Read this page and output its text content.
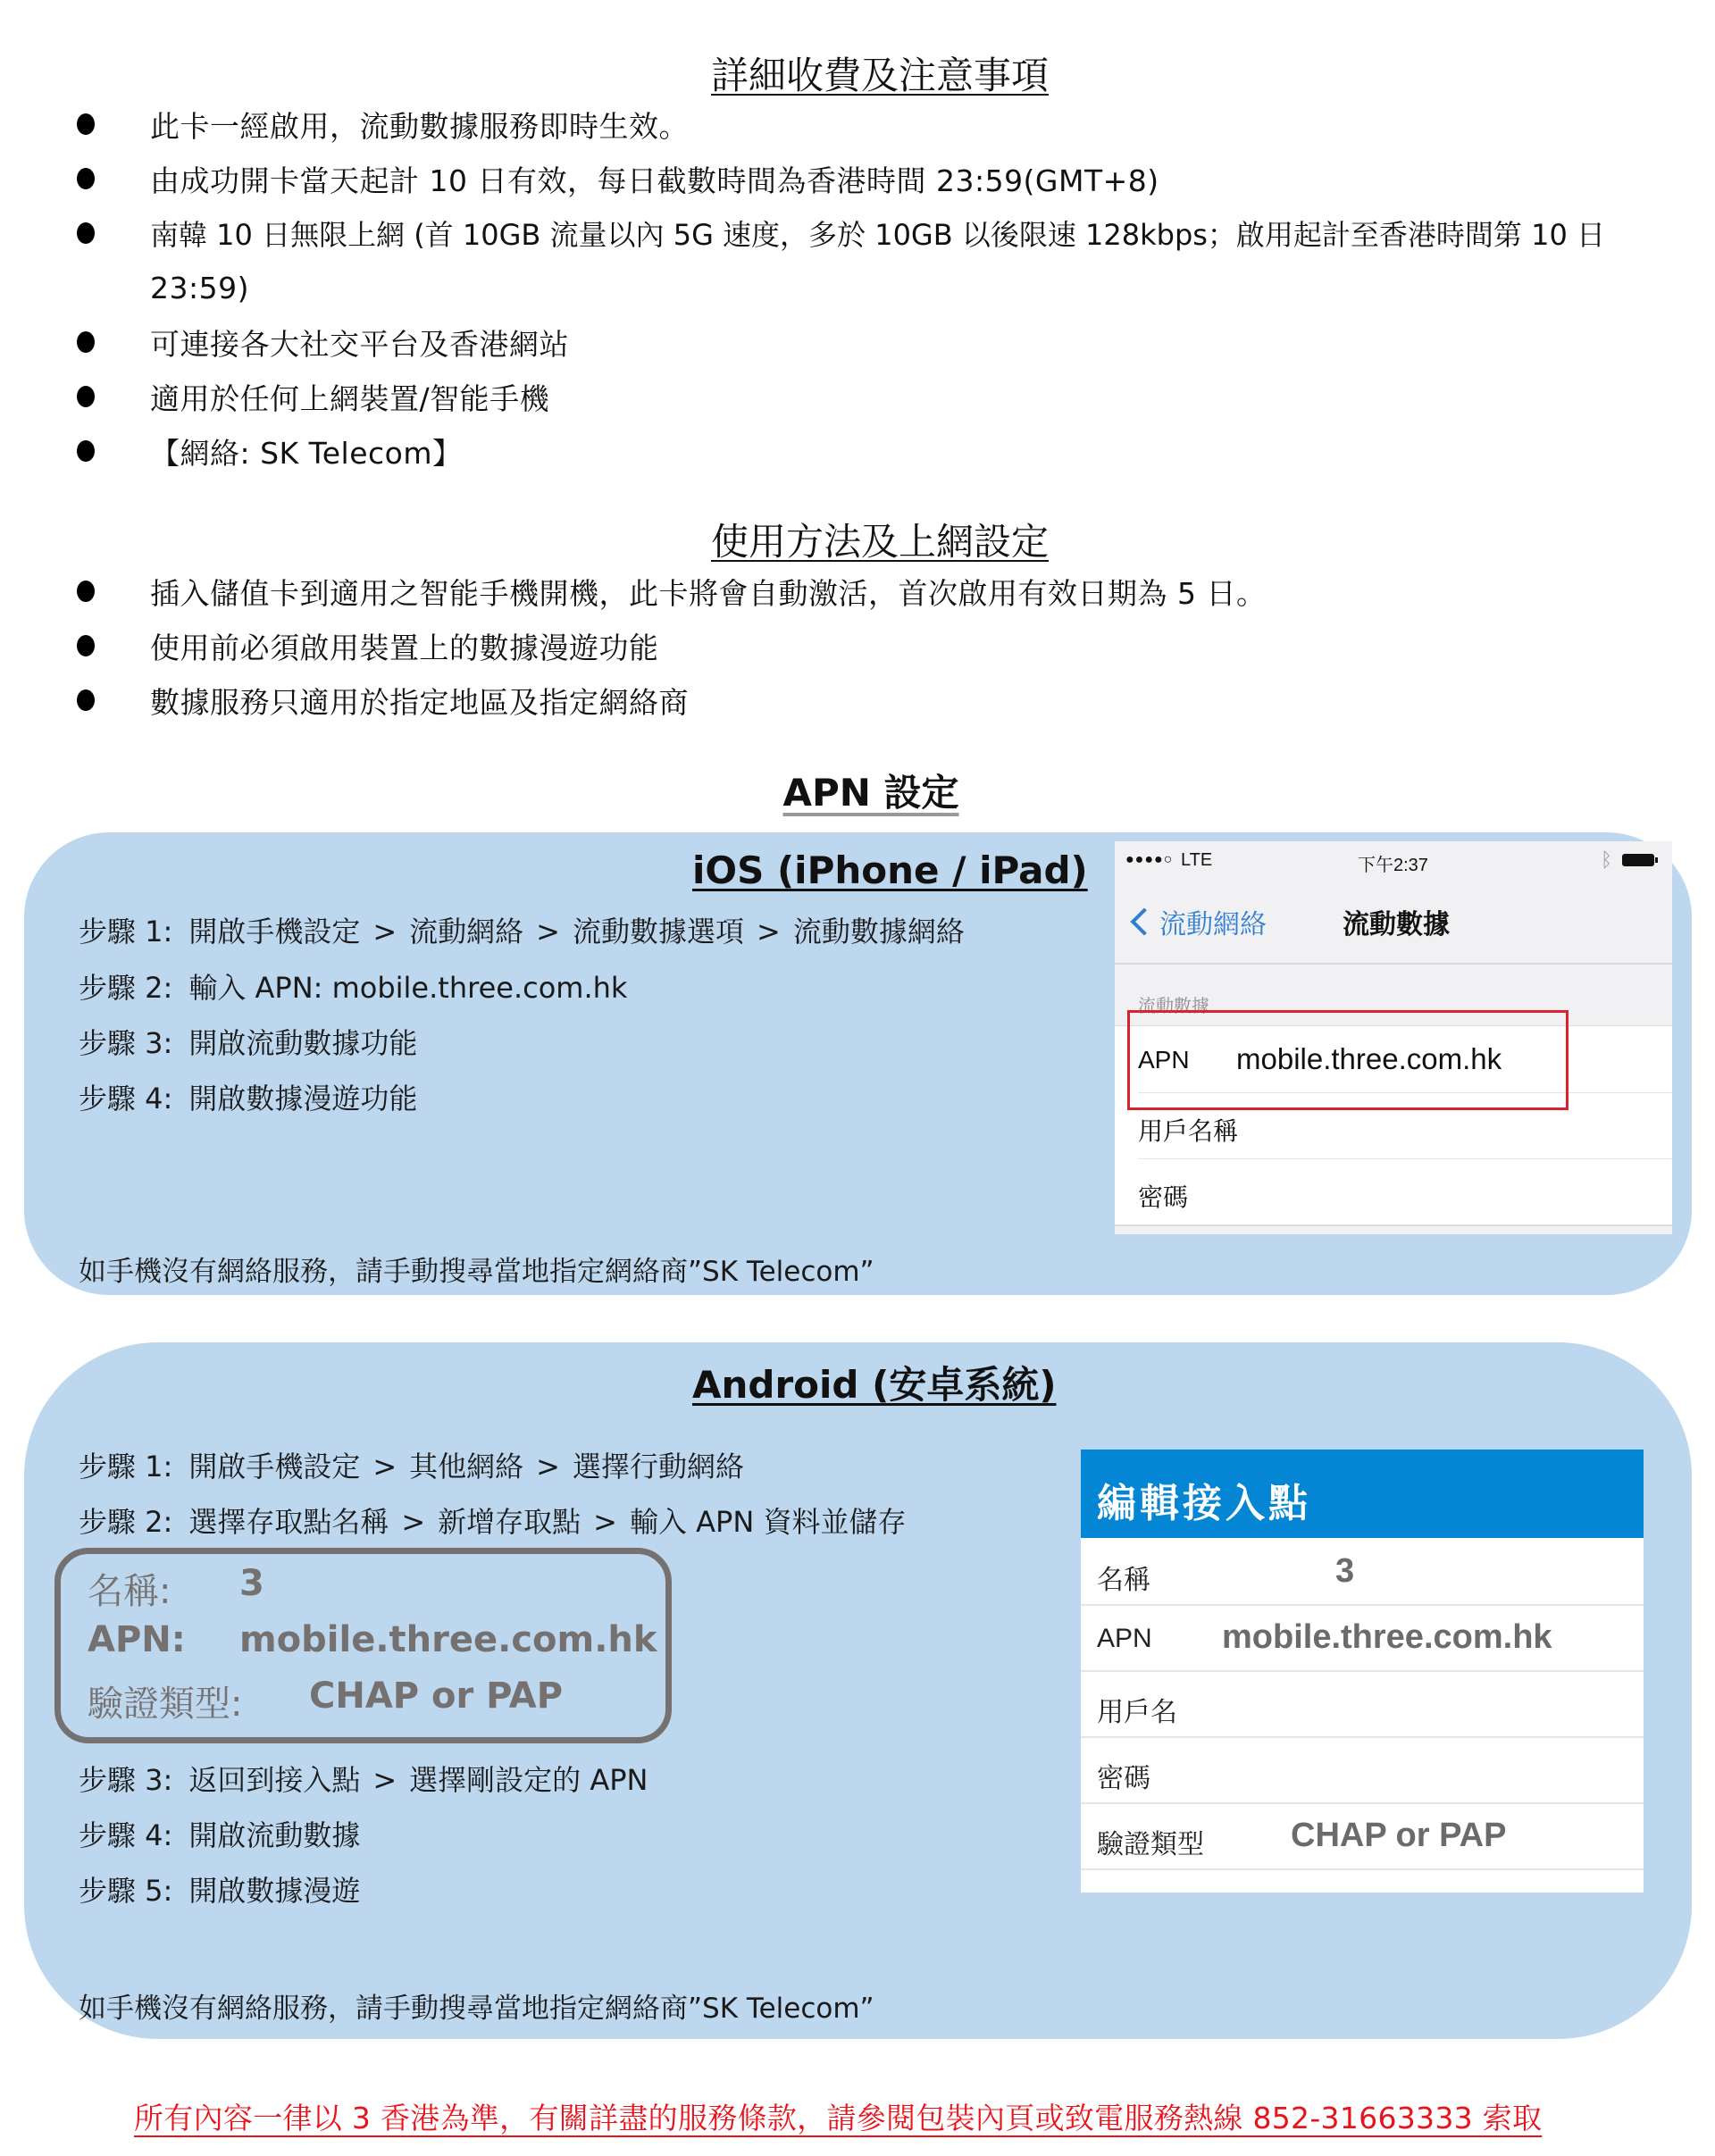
詳細收費及注意事項
此卡一經啟用，流動數據服務即時生效。
由成功開卡當天起計 10 日有效，每日截數時間為香港時間 23:59(GMT+8)
南韓 10 日無限上網 (首 10GB 流量以內 5G 速度，多於 10GB 以後限速 128kbps；啟用起計至香港時間第 10 日
23:59)
可連接各大社交平台及香港網站
適用於任何上網裝置/智能手機
【網絡: SK Telecom】
使用方法及上網設定
插入儲值卡到適用之智能手機開機，此卡將會自動激活，首次啟用有效日期為 5 日。
使用前必須啟用裝置上的數據漫遊功能
數據服務只適用於指定地區及指定網絡商
APN 設定
iOS (iPhone / iPad)
步驟 1: 開啟手機設定 > 流動網絡 > 流動數據選項 > 流動數據網絡
步驟 2: 輸入 APN: mobile.three.com.hk
步驟 3: 開啟流動數據功能
步驟 4: 開啟數據漫遊功能
如手機沒有網絡服務，請手動搜尋當地指定網絡商”SK Telecom”
●●●●○ LTE	下午2:37	ᛒ
流動網絡	流動數據
流動數據
APN mobile.three.com.hk
用戶名稱
密碼
Android (安卓系統)
步驟 1: 開啟手機設定 > 其他網絡 > 選擇行動網絡
步驟 2: 選擇存取點名稱 > 新增存取點 > 輸入 APN 資料並儲存
名稱: 3
APN: mobile.three.com.hk
驗證類型: CHAP or PAP
步驟 3: 返回到接入點 > 選擇剛設定的 APN
步驟 4: 開啟流動數據
步驟 5: 開啟數據漫遊
如手機沒有網絡服務，請手動搜尋當地指定網絡商”SK Telecom”
編輯接入點
名稱	3
APN mobile.three.com.hk
用戶名
密碼
驗證類型	CHAP or PAP
所有內容一律以 3 香港為準，有關詳盡的服務條款，請參閱包裝內頁或致電服務熱線 852-31663333 索取
